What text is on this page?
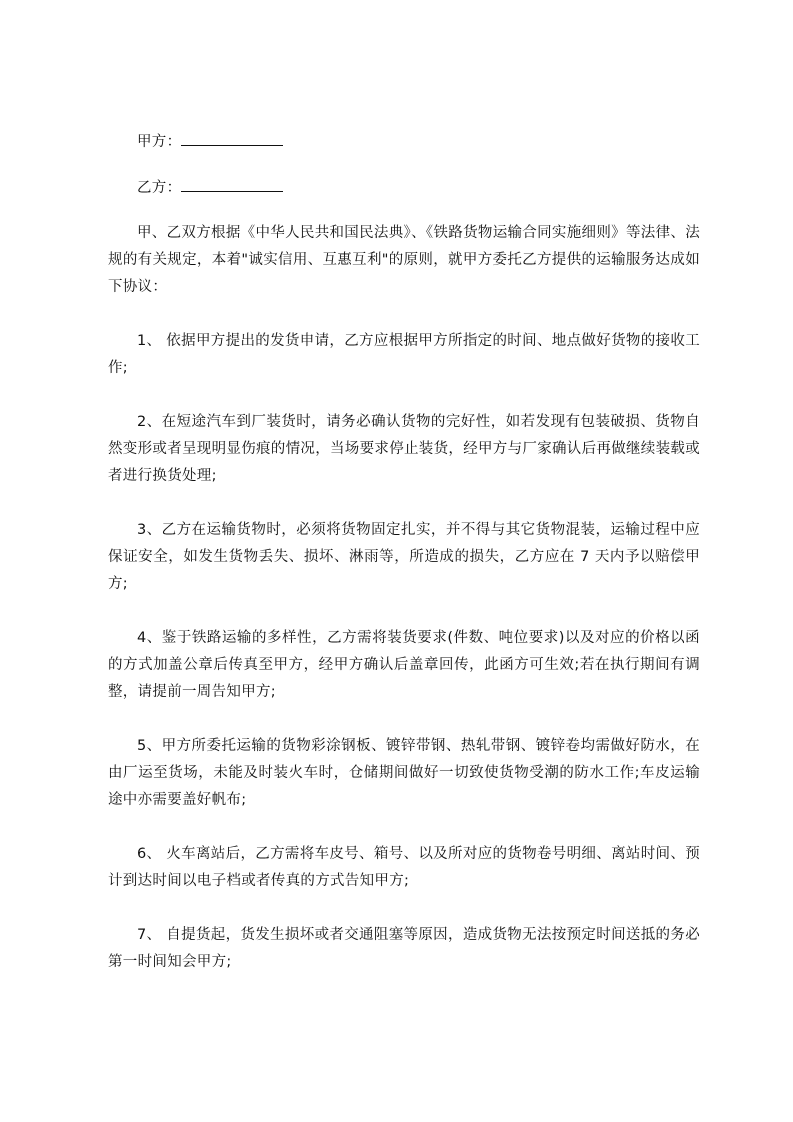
甲方：

乙方：

甲、乙双方根据《中华人民共和国民法典》、《铁路货物运输合同实施细则》等法律、法规的有关规定，本着"诚实信用、互惠互利"的原则，就甲方委托乙方提供的运输服务达成如下协议：

1、 依据甲方提出的发货申请，乙方应根据甲方所指定的时间、地点做好货物的接收工作;

2、在短途汽车到厂装货时，请务必确认货物的完好性，如若发现有包装破损、货物自然变形或者呈现明显伤痕的情况，当场要求停止装货，经甲方与厂家确认后再做继续装载或者进行换货处理;

3、乙方在运输货物时，必须将货物固定扎实，并不得与其它货物混装，运输过程中应保证安全，如发生货物丢失、损坏、淋雨等，所造成的损失，乙方应在 7 天内予以赔偿甲方;

4、鉴于铁路运输的多样性，乙方需将装货要求(件数、吨位要求)以及对应的价格以函的方式加盖公章后传真至甲方，经甲方确认后盖章回传，此函方可生效;若在执行期间有调整，请提前一周告知甲方;

5、甲方所委托运输的货物彩涂钢板、镀锌带钢、热轧带钢、镀锌卷均需做好防水，在由厂运至货场，未能及时装火车时，仓储期间做好一切致使货物受潮的防水工作;车皮运输途中亦需要盖好帆布;

6、 火车离站后，乙方需将车皮号、箱号、以及所对应的货物卷号明细、离站时间、预计到达时间以电子档或者传真的方式告知甲方;

7、 自提货起，货发生损坏或者交通阻塞等原因，造成货物无法按预定时间送抵的务必第一时间知会甲方;
